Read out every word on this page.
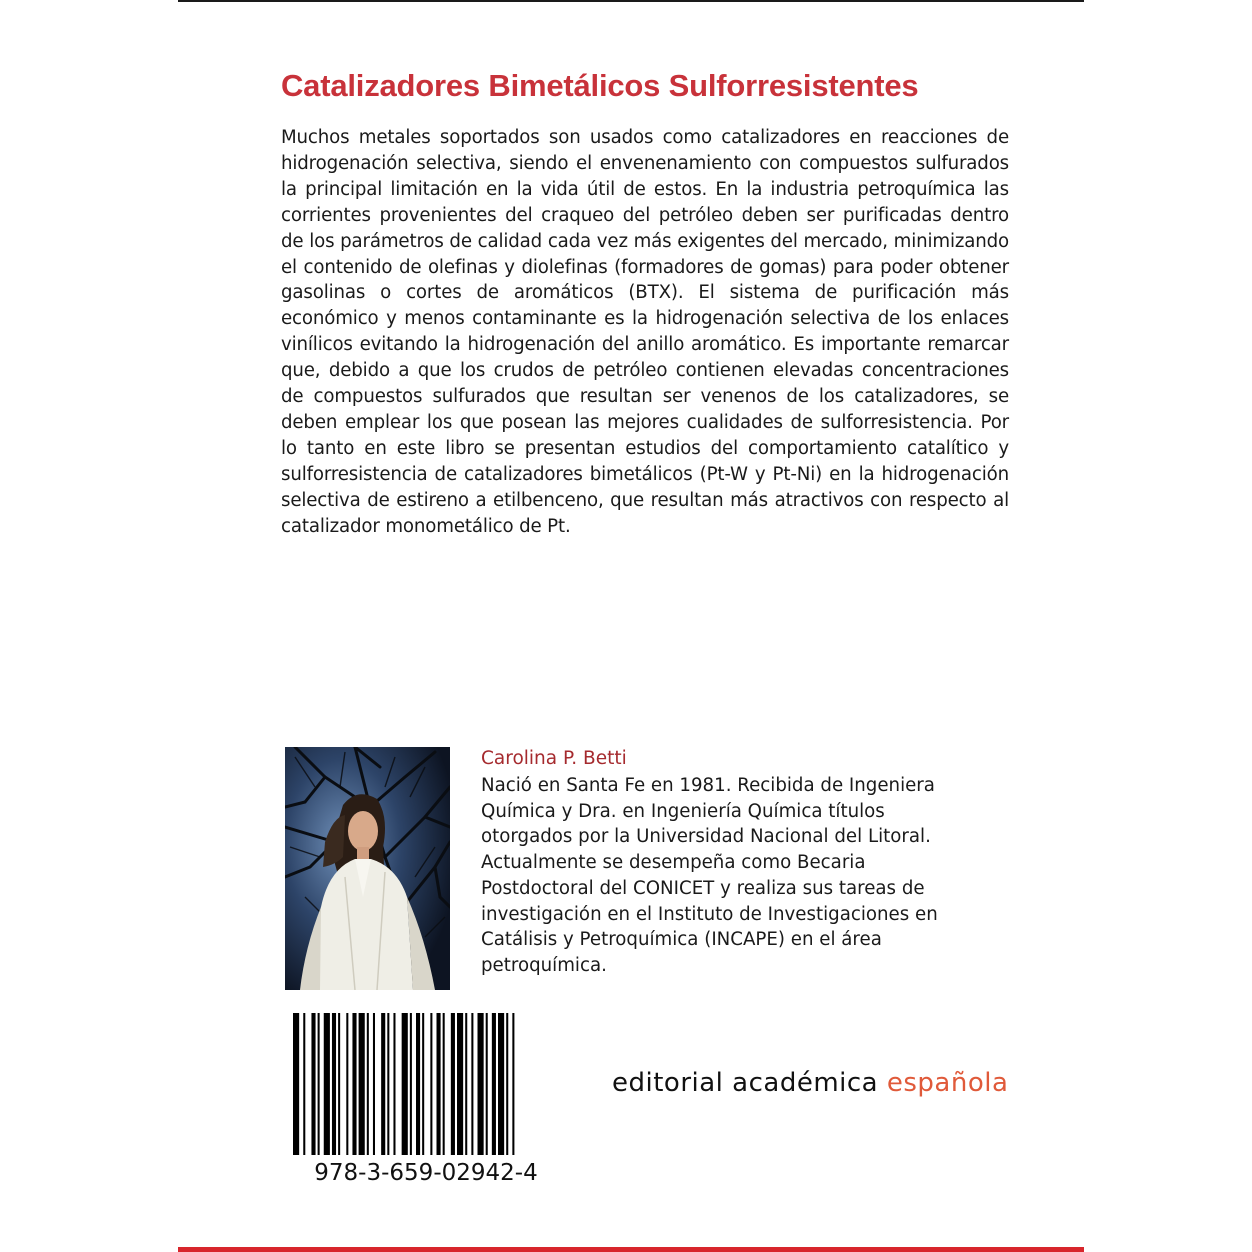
Catalizadores Bimetálicos Sulforresistentes

Muchos metales soportados son usados como catalizadores en reacciones de hidrogenación selectiva, siendo el envenenamiento con compuestos sulfurados la principal limitación en la vida útil de estos. En la industria petroquímica las corrientes provenientes del craqueo del petróleo deben ser purificadas dentro de los parámetros de calidad cada vez más exigentes del mercado, minimizando el contenido de olefinas y diolefinas (formadores de gomas) para poder obtener gasolinas o cortes de aromáticos (BTX). El sistema de purificación más económico y menos contaminante es la hidrogenación selectiva de los enlaces vinílicos evitando la hidrogenación del anillo aromático. Es importante remarcar que, debido a que los crudos de petróleo contienen elevadas concentraciones de compuestos sulfurados que resultan ser venenos de los catalizadores, se deben emplear los que posean las mejores cualidades de sulforresistencia. Por lo tanto en este libro se presentan estudios del comportamiento catalítico y sulforresistencia de catalizadores bimetálicos (Pt-W y Pt-Ni) en la hidrogenación selectiva de estireno a etilbenceno, que resultan más atractivos con respecto al catalizador monometálico de Pt.

Carolina P. Betti
Nació en Santa Fe en 1981. Recibida de Ingeniera
Química y Dra. en Ingeniería Química títulos
otorgados por la Universidad Nacional del Litoral.
Actualmente se desempeña como Becaria
Postdoctoral del CONICET y realiza sus tareas de
investigación en el Instituto de Investigaciones en
Catálisis y Petroquímica (INCAPE) en el área
petroquímica.
978-3-659-02942-4
editorial académica española
